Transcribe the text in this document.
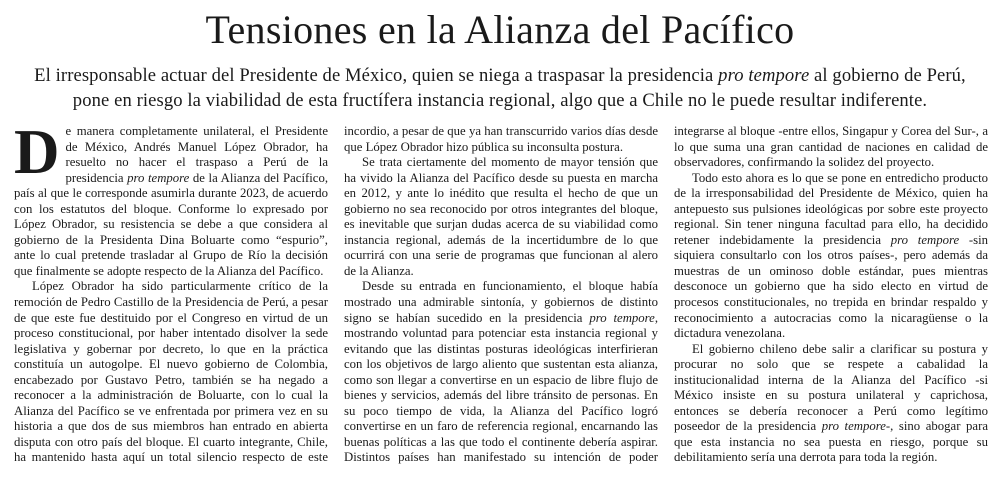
Tensiones en la Alianza del Pacífico

El irresponsable actuar del Presidente de México, quien se niega a traspasar la presidencia pro tempore al gobierno de Perú, pone en riesgo la viabilidad de esta fructífera instancia regional, algo que a Chile no le puede resultar indiferente.

De manera completamente unilateral, el Presidente de México, Andrés Manuel López Obrador, ha resuelto no hacer el traspaso a Perú de la presidencia pro tempore de la Alianza del Pacífico, país al que le corresponde asumirla durante 2023, de acuerdo con los estatutos del bloque. Conforme lo expresado por López Obrador, su resistencia se debe a que considera al gobierno de la Presidenta Dina Boluarte como “espurio”, ante lo cual pretende trasladar al Grupo de Río la decisión que finalmente se adopte respecto de la Alianza del Pacífico.

López Obrador ha sido particularmente crítico de la remoción de Pedro Castillo de la Presidencia de Perú, a pesar de que este fue destituido por el Congreso en virtud de un proceso constitucional, por haber intentado disolver la sede legislativa y gobernar por decreto, lo que en la práctica constituía un autogolpe. El nuevo gobierno de Colombia, encabezado por Gustavo Petro, también se ha negado a reconocer a la administración de Boluarte, con lo cual la Alianza del Pacífico se ve enfrentada por primera vez en su historia a que dos de sus miembros han entrado en abierta disputa con otro país del bloque. El cuarto integrante, Chile, ha mantenido hasta aquí un total silencio respecto de este incordio, a pesar de que ya han transcurrido varios días desde que López Obrador hizo pública su inconsulta postura.

Se trata ciertamente del momento de mayor tensión que ha vivido la Alianza del Pacífico desde su puesta en marcha en 2012, y ante lo inédito que resulta el hecho de que un gobierno no sea reconocido por otros integrantes del bloque, es inevitable que surjan dudas acerca de su viabilidad como instancia regional, además de la incertidumbre de lo que ocurrirá con una serie de programas que funcionan al alero de la Alianza.

Desde su entrada en funcionamiento, el bloque había mostrado una admirable sintonía, y gobiernos de distinto signo se habían sucedido en la presidencia pro tempore, mostrando voluntad para potenciar esta instancia regional y evitando que las distintas posturas ideológicas interfirieran con los objetivos de largo aliento que sustentan esta alianza, como son llegar a convertirse en un espacio de libre flujo de bienes y servicios, además del libre tránsito de personas. En su poco tiempo de vida, la Alianza del Pacífico logró convertirse en un faro de referencia regional, encarnando las buenas políticas a las que todo el continente debería aspirar. Distintos países han manifestado su intención de poder integrarse al bloque -entre ellos, Singapur y Corea del Sur-, a lo que suma una gran cantidad de naciones en calidad de observadores, confirmando la solidez del proyecto.

Todo esto ahora es lo que se pone en entredicho producto de la irresponsabilidad del Presidente de México, quien ha antepuesto sus pulsiones ideológicas por sobre este proyecto regional. Sin tener ninguna facultad para ello, ha decidido retener indebidamente la presidencia pro tempore -sin siquiera consultarlo con los otros países-, pero además da muestras de un ominoso doble estándar, pues mientras desconoce un gobierno que ha sido electo en virtud de procesos constitucionales, no trepida en brindar respaldo y reconocimiento a autocracias como la nicaragüense o la dictadura venezolana.

El gobierno chileno debe salir a clarificar su postura y procurar no solo que se respete a cabalidad la institucionalidad interna de la Alianza del Pacífico -si México insiste en su postura unilateral y caprichosa, entonces se debería reconocer a Perú como legítimo poseedor de la presidencia pro tempore-, sino abogar para que esta instancia no sea puesta en riesgo, porque su debilitamiento sería una derrota para toda la región.
